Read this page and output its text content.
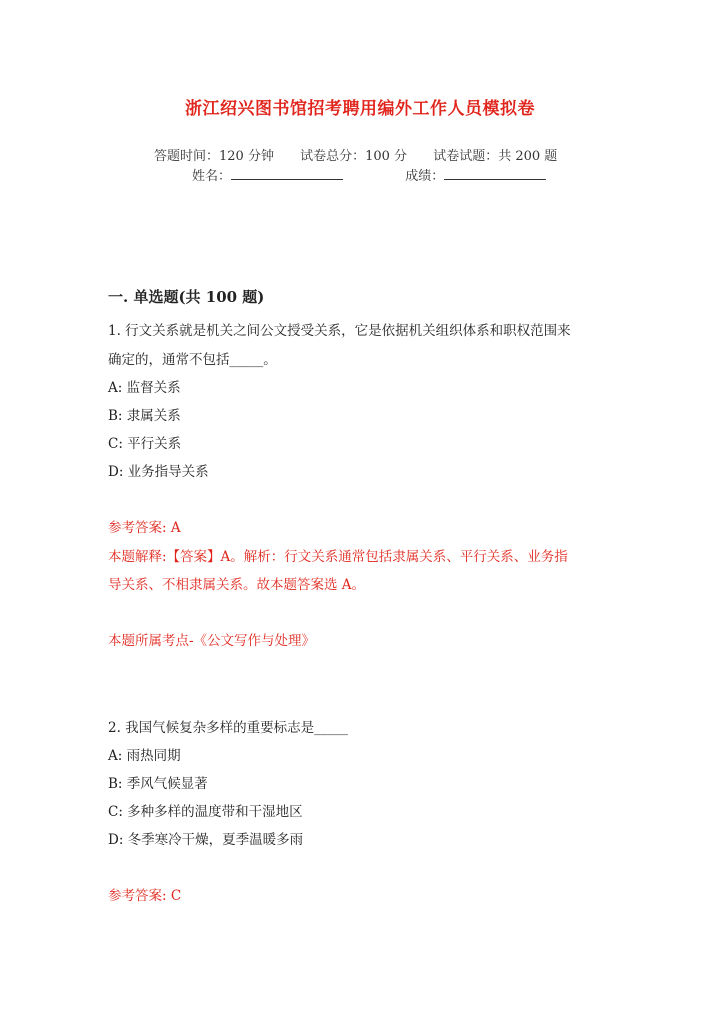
浙江绍兴图书馆招考聘用编外工作人员模拟卷
答题时间：120 分钟 试卷总分：100 分 试卷试题：共 200 题
姓名：	成绩：
一. 单选题(共 100 题)
1. 行文关系就是机关之间公文授受关系，它是依据机关组织体系和职权范围来
确定的，通常不包括_____。
A: 监督关系
B: 隶属关系
C: 平行关系
D: 业务指导关系
参考答案: A
本题解释:【答案】A。解析：行文关系通常包括隶属关系、平行关系、业务指
导关系、不相隶属关系。故本题答案选 A。
本题所属考点-《公文写作与处理》
2. 我国气候复杂多样的重要标志是_____
A: 雨热同期
B: 季风气候显著
C: 多种多样的温度带和干湿地区
D: 冬季寒冷干燥，夏季温暖多雨
参考答案: C
